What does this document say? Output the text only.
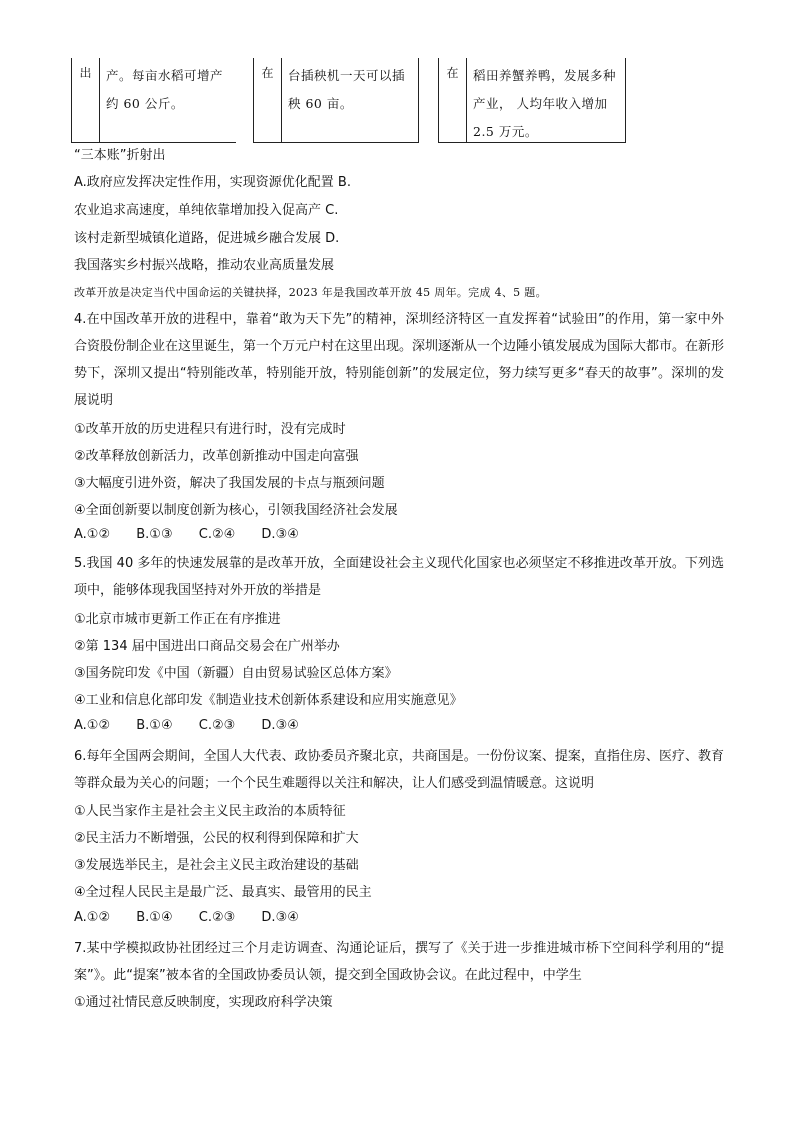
出	产。每亩水稻可增产约 60 公斤。
在	台插秧机一天可以插秧 60 亩。
在	稻田养蟹养鸭，发展多种产业， 人均年收入增加 2.5 万元。
“三本账”折射出
A.政府应发挥决定性作用，实现资源优化配置 B.
农业追求高速度，单纯依靠增加投入促高产 C.
该村走新型城镇化道路，促进城乡融合发展 D.
我国落实乡村振兴战略，推动农业高质量发展
改革开放是决定当代中国命运的关键抉择，2023 年是我国改革开放 45 周年。完成 4、5 题。
4.在中国改革开放的进程中，靠着“敢为天下先”的精神，深圳经济特区一直发挥着“试验田”的作用，第一家中外合资股份制企业在这里诞生，第一个万元户村在这里出现。深圳逐渐从一个边陲小镇发展成为国际大都市。在新形势下，深圳又提出“特别能改革，特别能开放，特别能创新”的发展定位，努力续写更多“春天的故事”。深圳的发展说明
①改革开放的历史进程只有进行时，没有完成时
②改革释放创新活力，改革创新推动中国走向富强
③大幅度引进外资，解决了我国发展的卡点与瓶颈问题
④全面创新要以制度创新为核心，引领我国经济社会发展
A.①② B.①③ C.②④ D.③④
5.我国 40 多年的快速发展靠的是改革开放，全面建设社会主义现代化国家也必须坚定不移推进改革开放。下列选项中，能够体现我国坚持对外开放的举措是
①北京市城市更新工作正在有序推进
②第 134 届中国进出口商品交易会在广州举办
③国务院印发《中国（新疆）自由贸易试验区总体方案》
④工业和信息化部印发《制造业技术创新体系建设和应用实施意见》
A.①② B.①④ C.②③ D.③④
6.每年全国两会期间，全国人大代表、政协委员齐聚北京，共商国是。一份份议案、提案，直指住房、医疗、教育等群众最为关心的问题；一个个民生难题得以关注和解决，让人们感受到温情暖意。这说明
①人民当家作主是社会主义民主政治的本质特征
②民主活力不断增强，公民的权利得到保障和扩大
③发展选举民主，是社会主义民主政治建设的基础
④全过程人民民主是最广泛、最真实、最管用的民主
A.①② B.①④ C.②③ D.③④
7.某中学模拟政协社团经过三个月走访调查、沟通论证后，撰写了《关于进一步推进城市桥下空间科学利用的“提案”》。此“提案”被本省的全国政协委员认领，提交到全国政协会议。在此过程中，中学生
①通过社情民意反映制度，实现政府科学决策
